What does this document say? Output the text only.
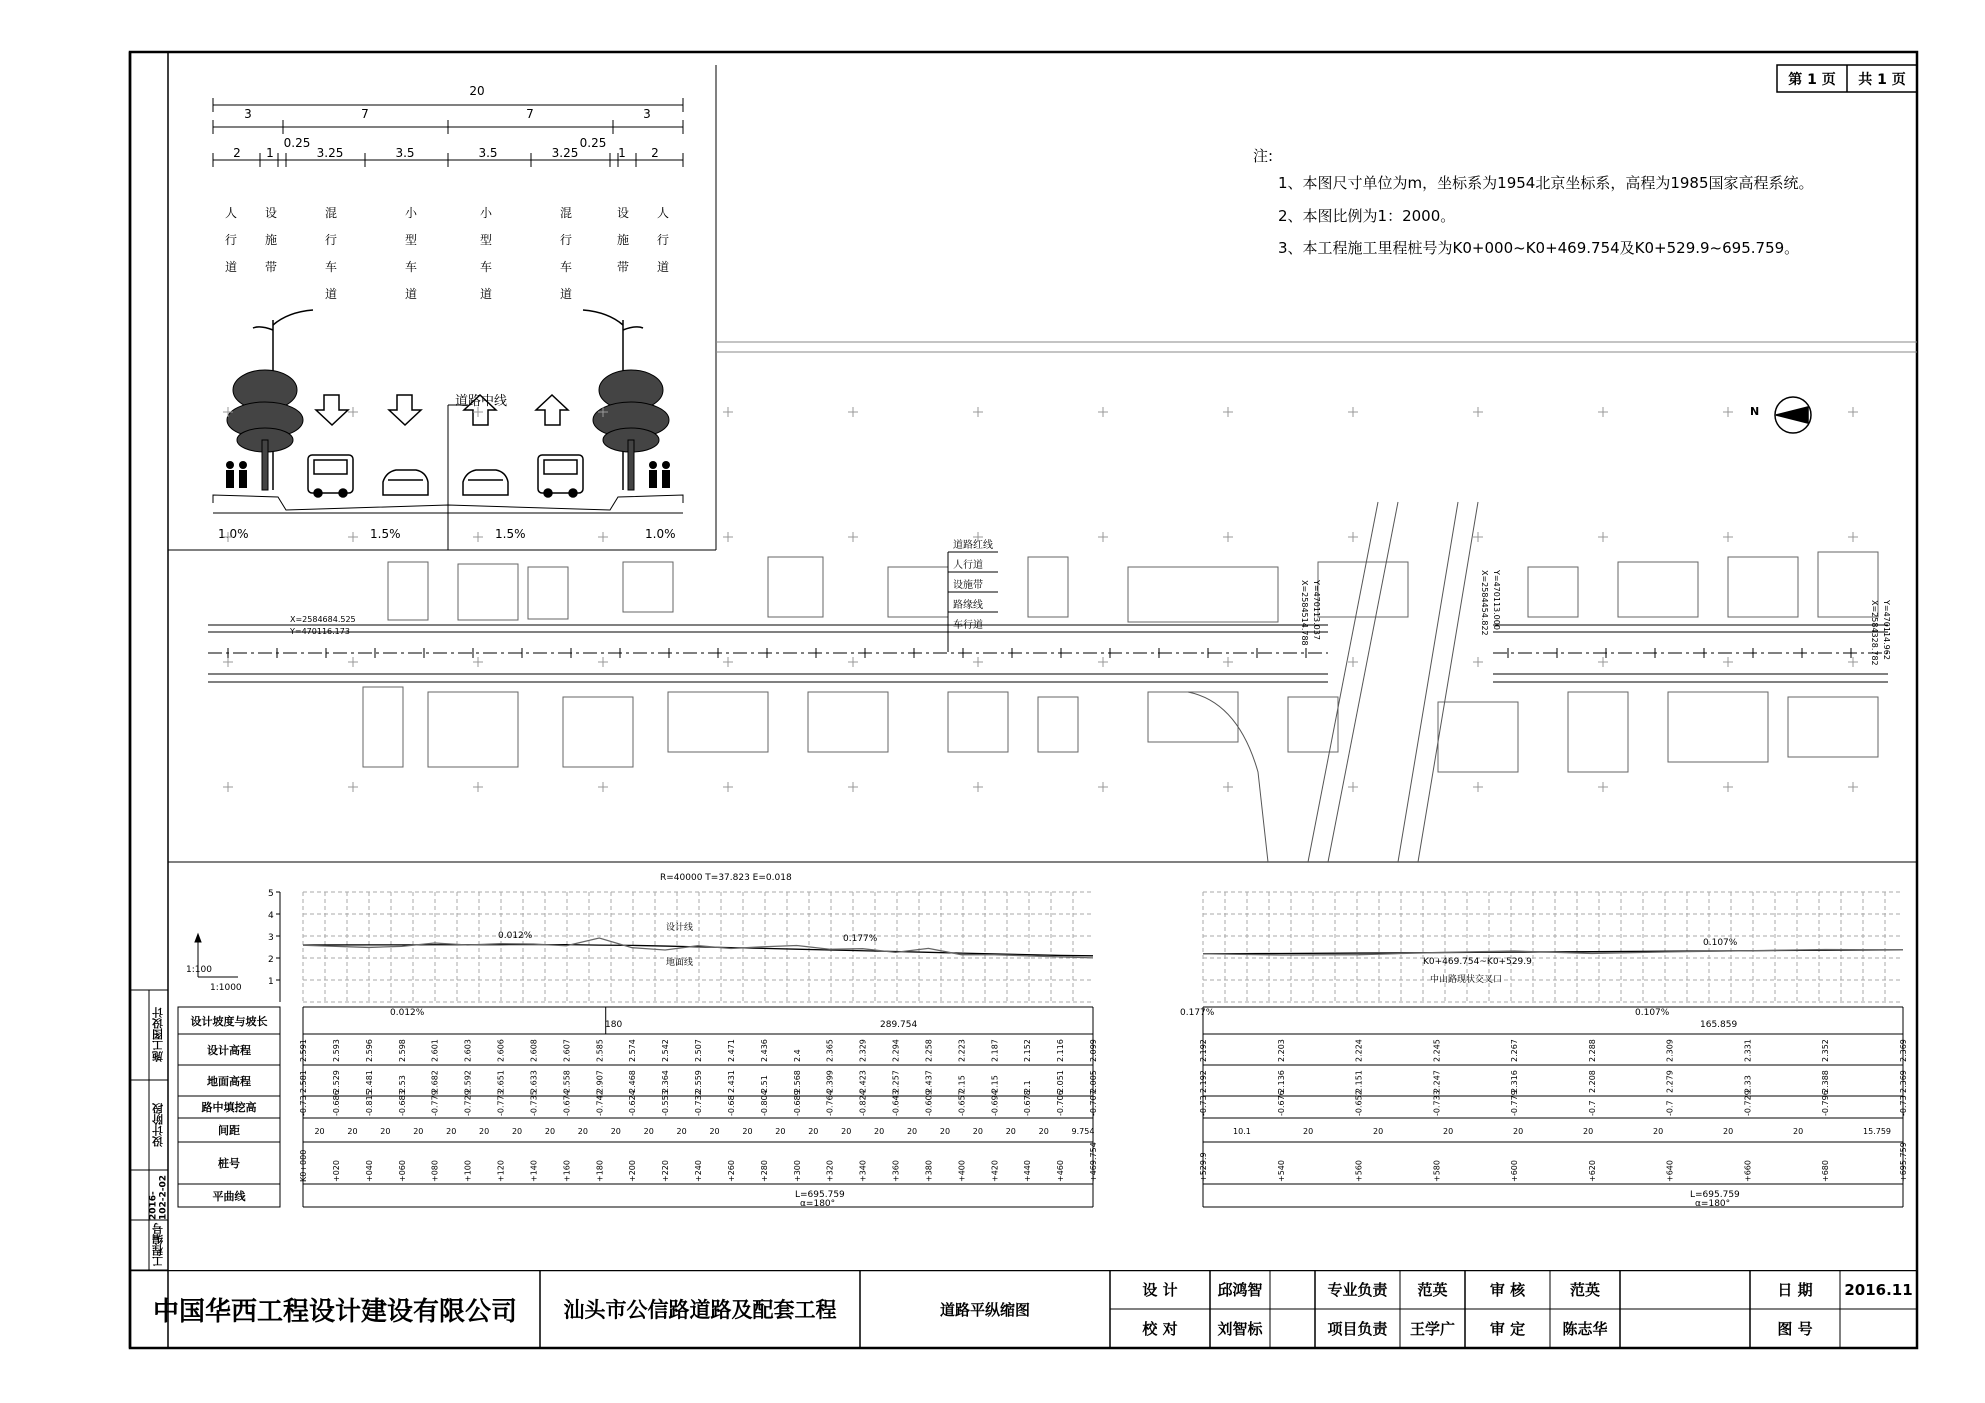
第 1 页	共 1 页
施工图设计
设计阶段
2016-102-2-02
工程编号
注:
1、本图尺寸单位为m，坐标系为1954北京坐标系，高程为1985国家高程系统。
2、本图比例为1：2000。
3、本工程施工里程桩号为K0+000~K0+469.754及K0+529.9~695.759。
20
3	7	7	3
2	1
0.25
3.25	3.5	3.5	3.25
0.25
1	2
人行道
设施带
混行车道
小型车道
小型车道
混行车道
设施带
人行道
道路中线
1.0%	1.5%	1.5%	1.0%
道路红线
人行道
设施带
路缘线
车行道
N
X=2584684.525
Y=470116.173	X=2584514.788 Y=470113.037	X=2584454.822 Y=470113.000
X=2584328.782 Y=470114.962
5
4
3
2
1
2.591	2.593	2.596	2.598	2.601	2.603	2.606	2.608	2.607	2.585	2.574	2.542	2.507	2.471	2.436	2.4	2.365	2.329	2.294	2.258	2.223	2.187	2.152	2.116	2.099
2.581	2.529	2.481	2.53	2.682	2.592	2.651	2.633	2.558	2.907	2.468	2.364	2.559	2.431	2.51	2.568	2.399	2.423	2.257	2.437	2.15	2.15	2.1	2.051	2.005
-0.73	-0.686	-0.815	-0.683	-0.779	-0.729	-0.773	-0.735	-0.674	-0.742	-0.624	-0.553	-0.732	-0.68	-0.804	-0.689	-0.764	-0.824	-0.643	-0.609	-0.657	-0.694	-0.678	-0.706	-0.707
K0+000	+020	+040	+060	+080	+100	+120	+140	+160	+180	+200	+220	+240	+260	+280	+300	+320	+340	+360	+380	+400	+420	+440	+460	+469.754
2.192	2.203	2.224	2.245	2.267	2.288	2.309	2.331	2.352	2.369
2.192	2.136	2.151	2.247	2.316	2.208	2.279	2.33	2.388	2.369
-0.73	-0.676	-0.652	-0.733	-0.779	-0.7	-0.7	-0.729	-0.796	-0.73
+529.9	+540	+560	+580	+600	+620	+640	+660	+680	+695.759
20	20	20	20	20	20	20	20	20	20	20	20	20	20	20	20	20	20	20	20	20	20	20	9.754	10.1	20	20	20	20	20	20	20	20	15.759
1:100
1:1000
R=40000 T=37.823 E=0.018
0.012%	0.177%	0.107%
设计线
地面线	K0+469.754~K0+529.9
中山路现状交叉口
设计坡度与坡长
设计高程
地面高程
路中填挖高
间距
桩号
平曲线
0.012%
180
0.177%
289.754
0.107%
165.859
L=695.759
α=180°
L=695.759
α=180°
中国华西工程设计建设有限公司	汕头市公信路道路及配套工程	道路平纵缩图
设 计	邱鸿智
校 对	刘智标
专业负责	范英
项目负责	王学广
审 核	范英
审 定	陈志华
日 期	2016.11
图 号
